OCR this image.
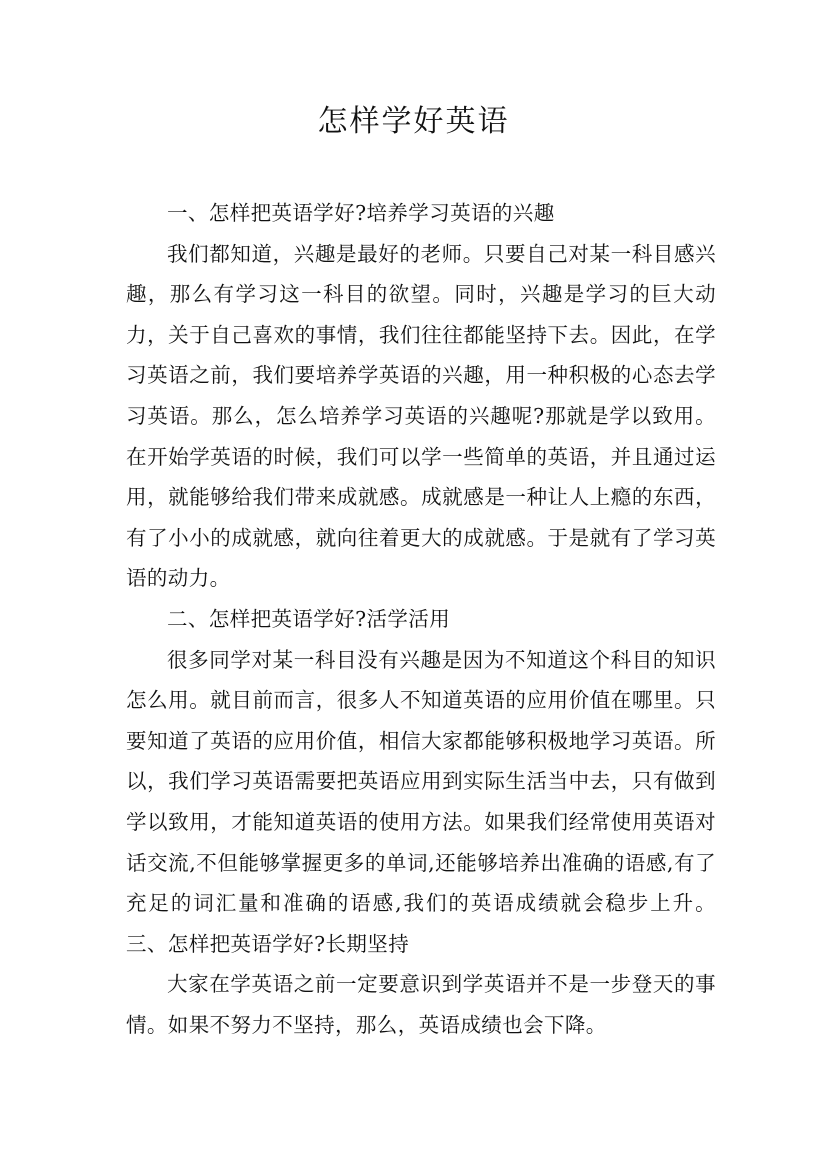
怎样学好英语

一、怎样把英语学好?培养学习英语的兴趣

我们都知道，兴趣是最好的老师。只要自己对某一科目感兴趣，那么有学习这一科目的欲望。同时，兴趣是学习的巨大动力，关于自己喜欢的事情，我们往往都能坚持下去。因此，在学习英语之前，我们要培养学英语的兴趣，用一种积极的心态去学习英语。那么，怎么培养学习英语的兴趣呢?那就是学以致用。在开始学英语的时候，我们可以学一些简单的英语，并且通过运用，就能够给我们带来成就感。成就感是一种让人上瘾的东西，有了小小的成就感，就向往着更大的成就感。于是就有了学习英语的动力。

二、怎样把英语学好?活学活用

很多同学对某一科目没有兴趣是因为不知道这个科目的知识怎么用。就目前而言，很多人不知道英语的应用价值在哪里。只要知道了英语的应用价值，相信大家都能够积极地学习英语。所以，我们学习英语需要把英语应用到实际生活当中去，只有做到学以致用，才能知道英语的使用方法。如果我们经常使用英语对话交流,不但能够掌握更多的单词,还能够培养出准确的语感,有了充足的词汇量和准确的语感,我们的英语成绩就会稳步上升。 三、怎样把英语学好?长期坚持

大家在学英语之前一定要意识到学英语并不是一步登天的事情。如果不努力不坚持，那么，英语成绩也会下降。
